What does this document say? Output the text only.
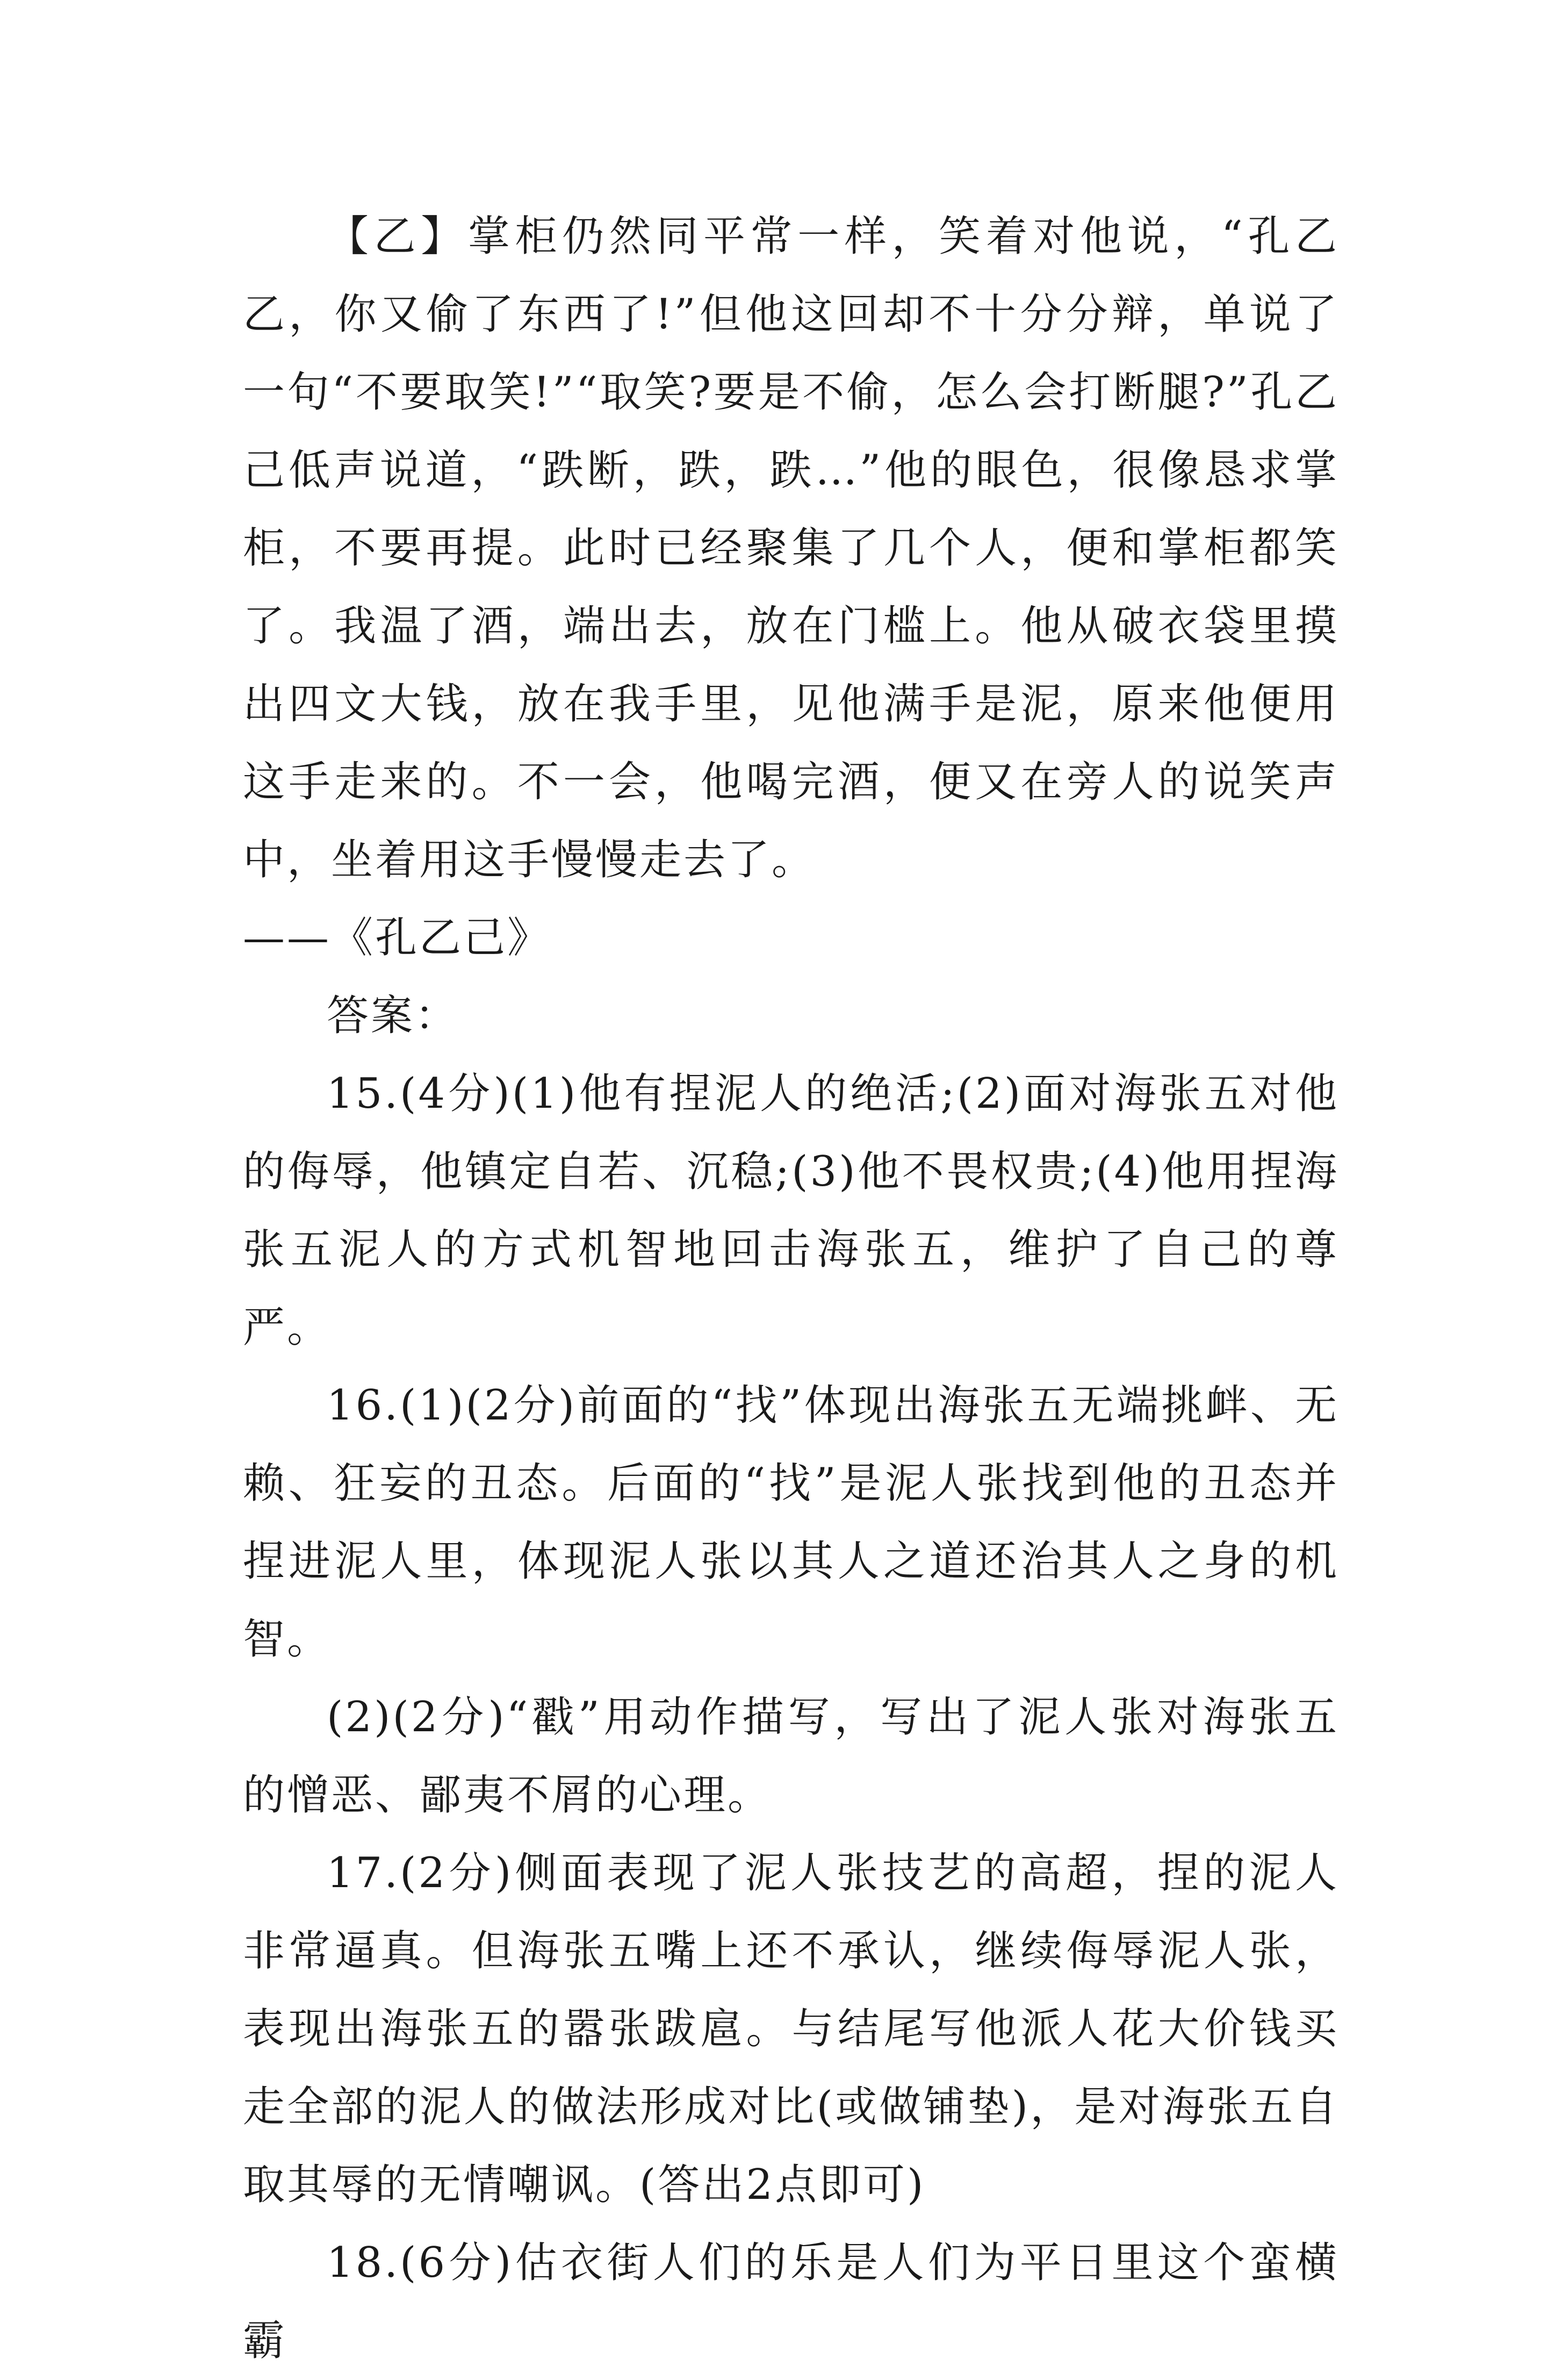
【乙】掌柜仍然同平常一样，笑着对他说，“孔乙乙，你又偷了东西了!”但他这回却不十分分辩，单说了一句“不要取笑!”“取笑?要是不偷，怎么会打断腿?”孔乙己低声说道，“跌断，跌，跌…”他的眼色，很像恳求掌柜，不要再提。此时已经聚集了几个人，便和掌柜都笑了。我温了酒，端出去，放在门槛上。他从破衣袋里摸出四文大钱，放在我手里，见他满手是泥，原来他便用这手走来的。不一会，他喝完酒，便又在旁人的说笑声中，坐着用这手慢慢走去了。

——《孔乙己》

答案：

15.(4分)(1)他有捏泥人的绝活;(2)面对海张五对他的侮辱，他镇定自若、沉稳;(3)他不畏权贵;(4)他用捏海张五泥人的方式机智地回击海张五，维护了自己的尊严。

16.(1)(2分)前面的“找”体现出海张五无端挑衅、无赖、狂妄的丑态。后面的“找”是泥人张找到他的丑态并捏进泥人里，体现泥人张以其人之道还治其人之身的机智。

(2)(2分)“戳”用动作描写，写出了泥人张对海张五的憎恶、鄙夷不屑的心理。

17.(2分)侧面表现了泥人张技艺的高超，捏的泥人非常逼真。但海张五嘴上还不承认，继续侮辱泥人张，表现出海张五的嚣张跋扈。与结尾写他派人花大价钱买走全部的泥人的做法形成对比(或做铺垫)，是对海张五自取其辱的无情嘲讽。(答出2点即可)

18.(6分)估衣街人们的乐是人们为平日里这个蛮横霸
